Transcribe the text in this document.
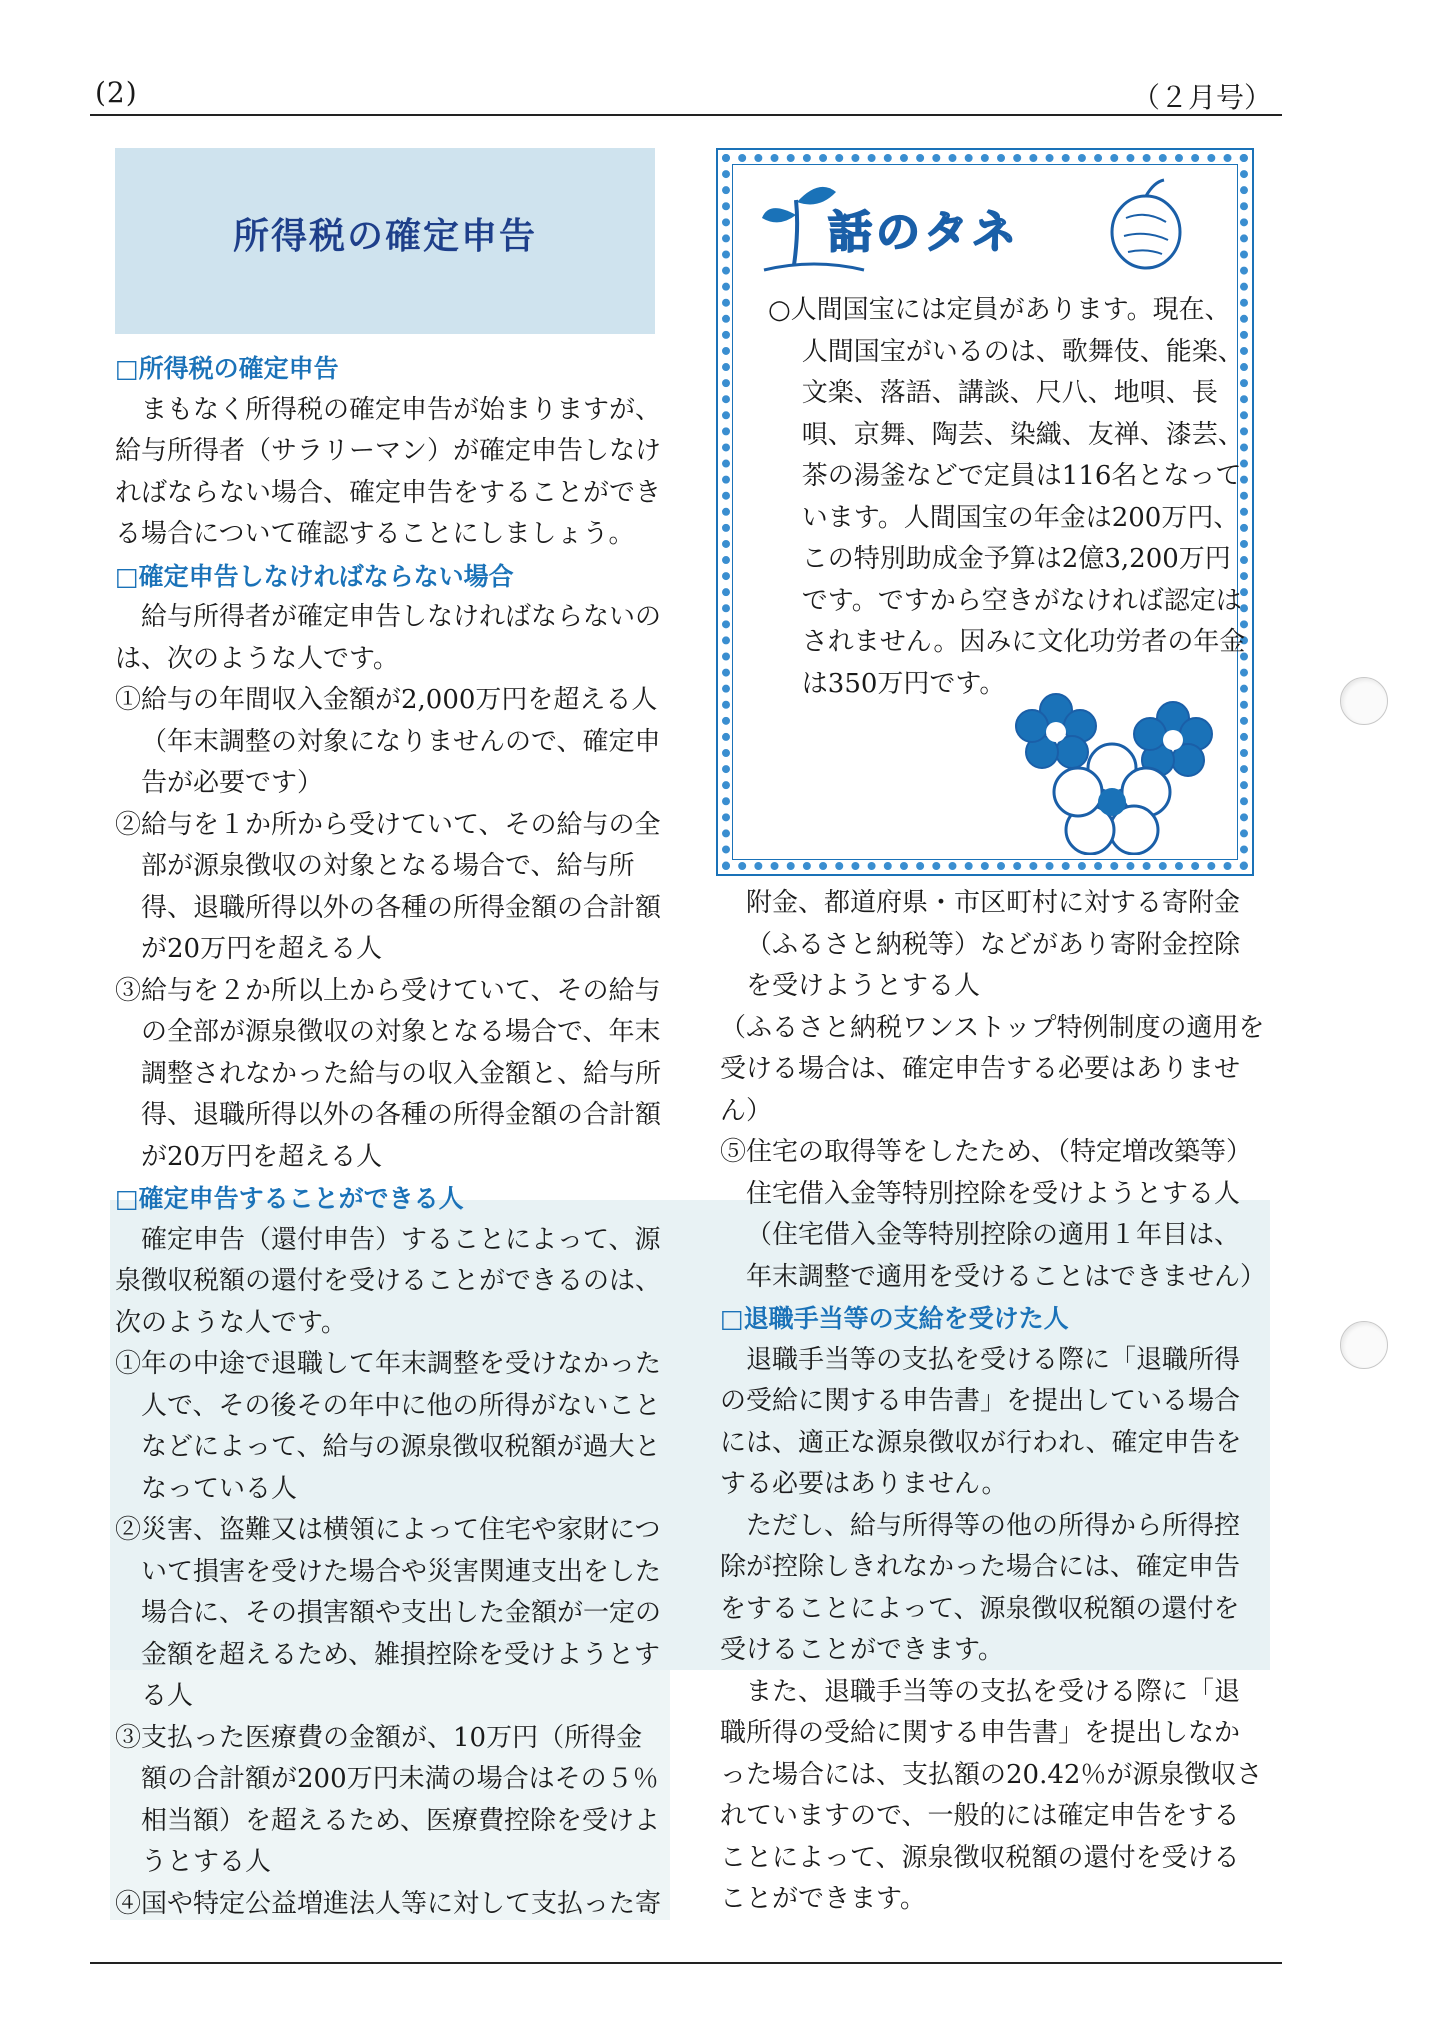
(2)	（２月号）
所得税の確定申告

□所得税の確定申告

まもなく所得税の確定申告が始まりますが、給与所得者（サラリーマン）が確定申告しなければならない場合、確定申告をすることができる場合について確認することにしましょう。

□確定申告しなければならない場合

給与所得者が確定申告しなければならないのは、次のような人です。

①給与の年間収入金額が2,000万円を超える人

（年末調整の対象になりませんので、確定申告が必要です）

②給与を１か所から受けていて、その給与の全部が源泉徴収の対象となる場合で、給与所得、退職所得以外の各種の所得金額の合計額が20万円を超える人

③給与を２か所以上から受けていて、その給与の全部が源泉徴収の対象となる場合で、年末調整されなかった給与の収入金額と、給与所得、退職所得以外の各種の所得金額の合計額が20万円を超える人

□確定申告することができる人

確定申告（還付申告）することによって、源泉徴収税額の還付を受けることができるのは、次のような人です。

①年の中途で退職して年末調整を受けなかった人で、その後その年中に他の所得がないことなどによって、給与の源泉徴収税額が過大となっている人

②災害、盗難又は横領によって住宅や家財について損害を受けた場合や災害関連支出をした場合に、その損害額や支出した金額が一定の金額を超えるため、雑損控除を受けようとする人

③支払った医療費の金額が、10万円（所得金額の合計額が200万円未満の場合はその５％相当額）を超えるため、医療費控除を受けようとする人

④国や特定公益増進法人等に対して支払った寄

話のタネ

○人間国宝には定員があります。現在、人間国宝がいるのは、歌舞伎、能楽、文楽、落語、講談、尺八、地唄、長唄、京舞、陶芸、染織、友禅、漆芸、茶の湯釜などで定員は116名となっています。人間国宝の年金は200万円、この特別助成金予算は2億3,200万円です。ですから空きがなければ認定はされません。因みに文化功労者の年金は350万円です。

附金、都道府県・市区町村に対する寄附金（ふるさと納税等）などがあり寄附金控除を受けようとする人

（ふるさと納税ワンストップ特例制度の適用を受ける場合は、確定申告する必要はありません）

⑤住宅の取得等をしたため、（特定増改築等）住宅借入金等特別控除を受けようとする人（住宅借入金等特別控除の適用１年目は、年末調整で適用を受けることはできません）

□退職手当等の支給を受けた人

退職手当等の支払を受ける際に「退職所得の受給に関する申告書」を提出している場合には、適正な源泉徴収が行われ、確定申告をする必要はありません。

ただし、給与所得等の他の所得から所得控除が控除しきれなかった場合には、確定申告をすることによって、源泉徴収税額の還付を受けることができます。

また、退職手当等の支払を受ける際に「退職所得の受給に関する申告書」を提出しなかった場合には、支払額の20.42％が源泉徴収されていますので、一般的には確定申告をすることによって、源泉徴収税額の還付を受けることができます。
